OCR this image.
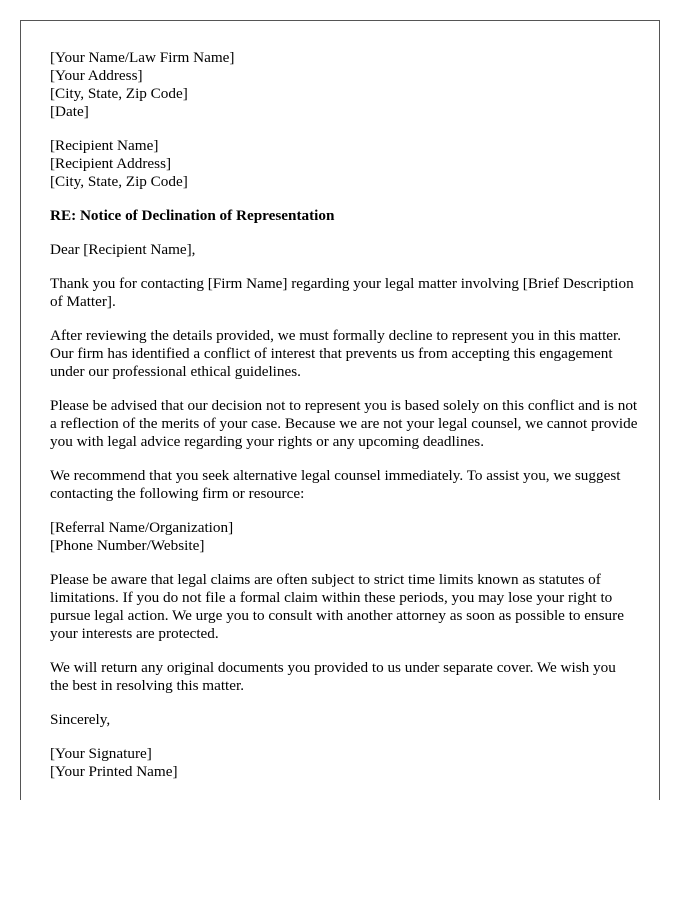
[Your Name/Law Firm Name]
[Your Address]
[City, State, Zip Code]
[Date]
[Recipient Name]
[Recipient Address]
[City, State, Zip Code]

RE: Notice of Declination of Representation

Dear [Recipient Name],

Thank you for contacting [Firm Name] regarding your legal matter involving [Brief Description of Matter].

After reviewing the details provided, we must formally decline to represent you in this matter. Our firm has identified a conflict of interest that prevents us from accepting this engagement under our professional ethical guidelines.

Please be advised that our decision not to represent you is based solely on this conflict and is not a reflection of the merits of your case. Because we are not your legal counsel, we cannot provide you with legal advice regarding your rights or any upcoming deadlines.

We recommend that you seek alternative legal counsel immediately. To assist you, we suggest contacting the following firm or resource:

[Referral Name/Organization]
[Phone Number/Website]

Please be aware that legal claims are often subject to strict time limits known as statutes of limitations. If you do not file a formal claim within these periods, you may lose your right to pursue legal action. We urge you to consult with another attorney as soon as possible to ensure your interests are protected.

We will return any original documents you provided to us under separate cover. We wish you the best in resolving this matter.

Sincerely,

[Your Signature]
[Your Printed Name]
